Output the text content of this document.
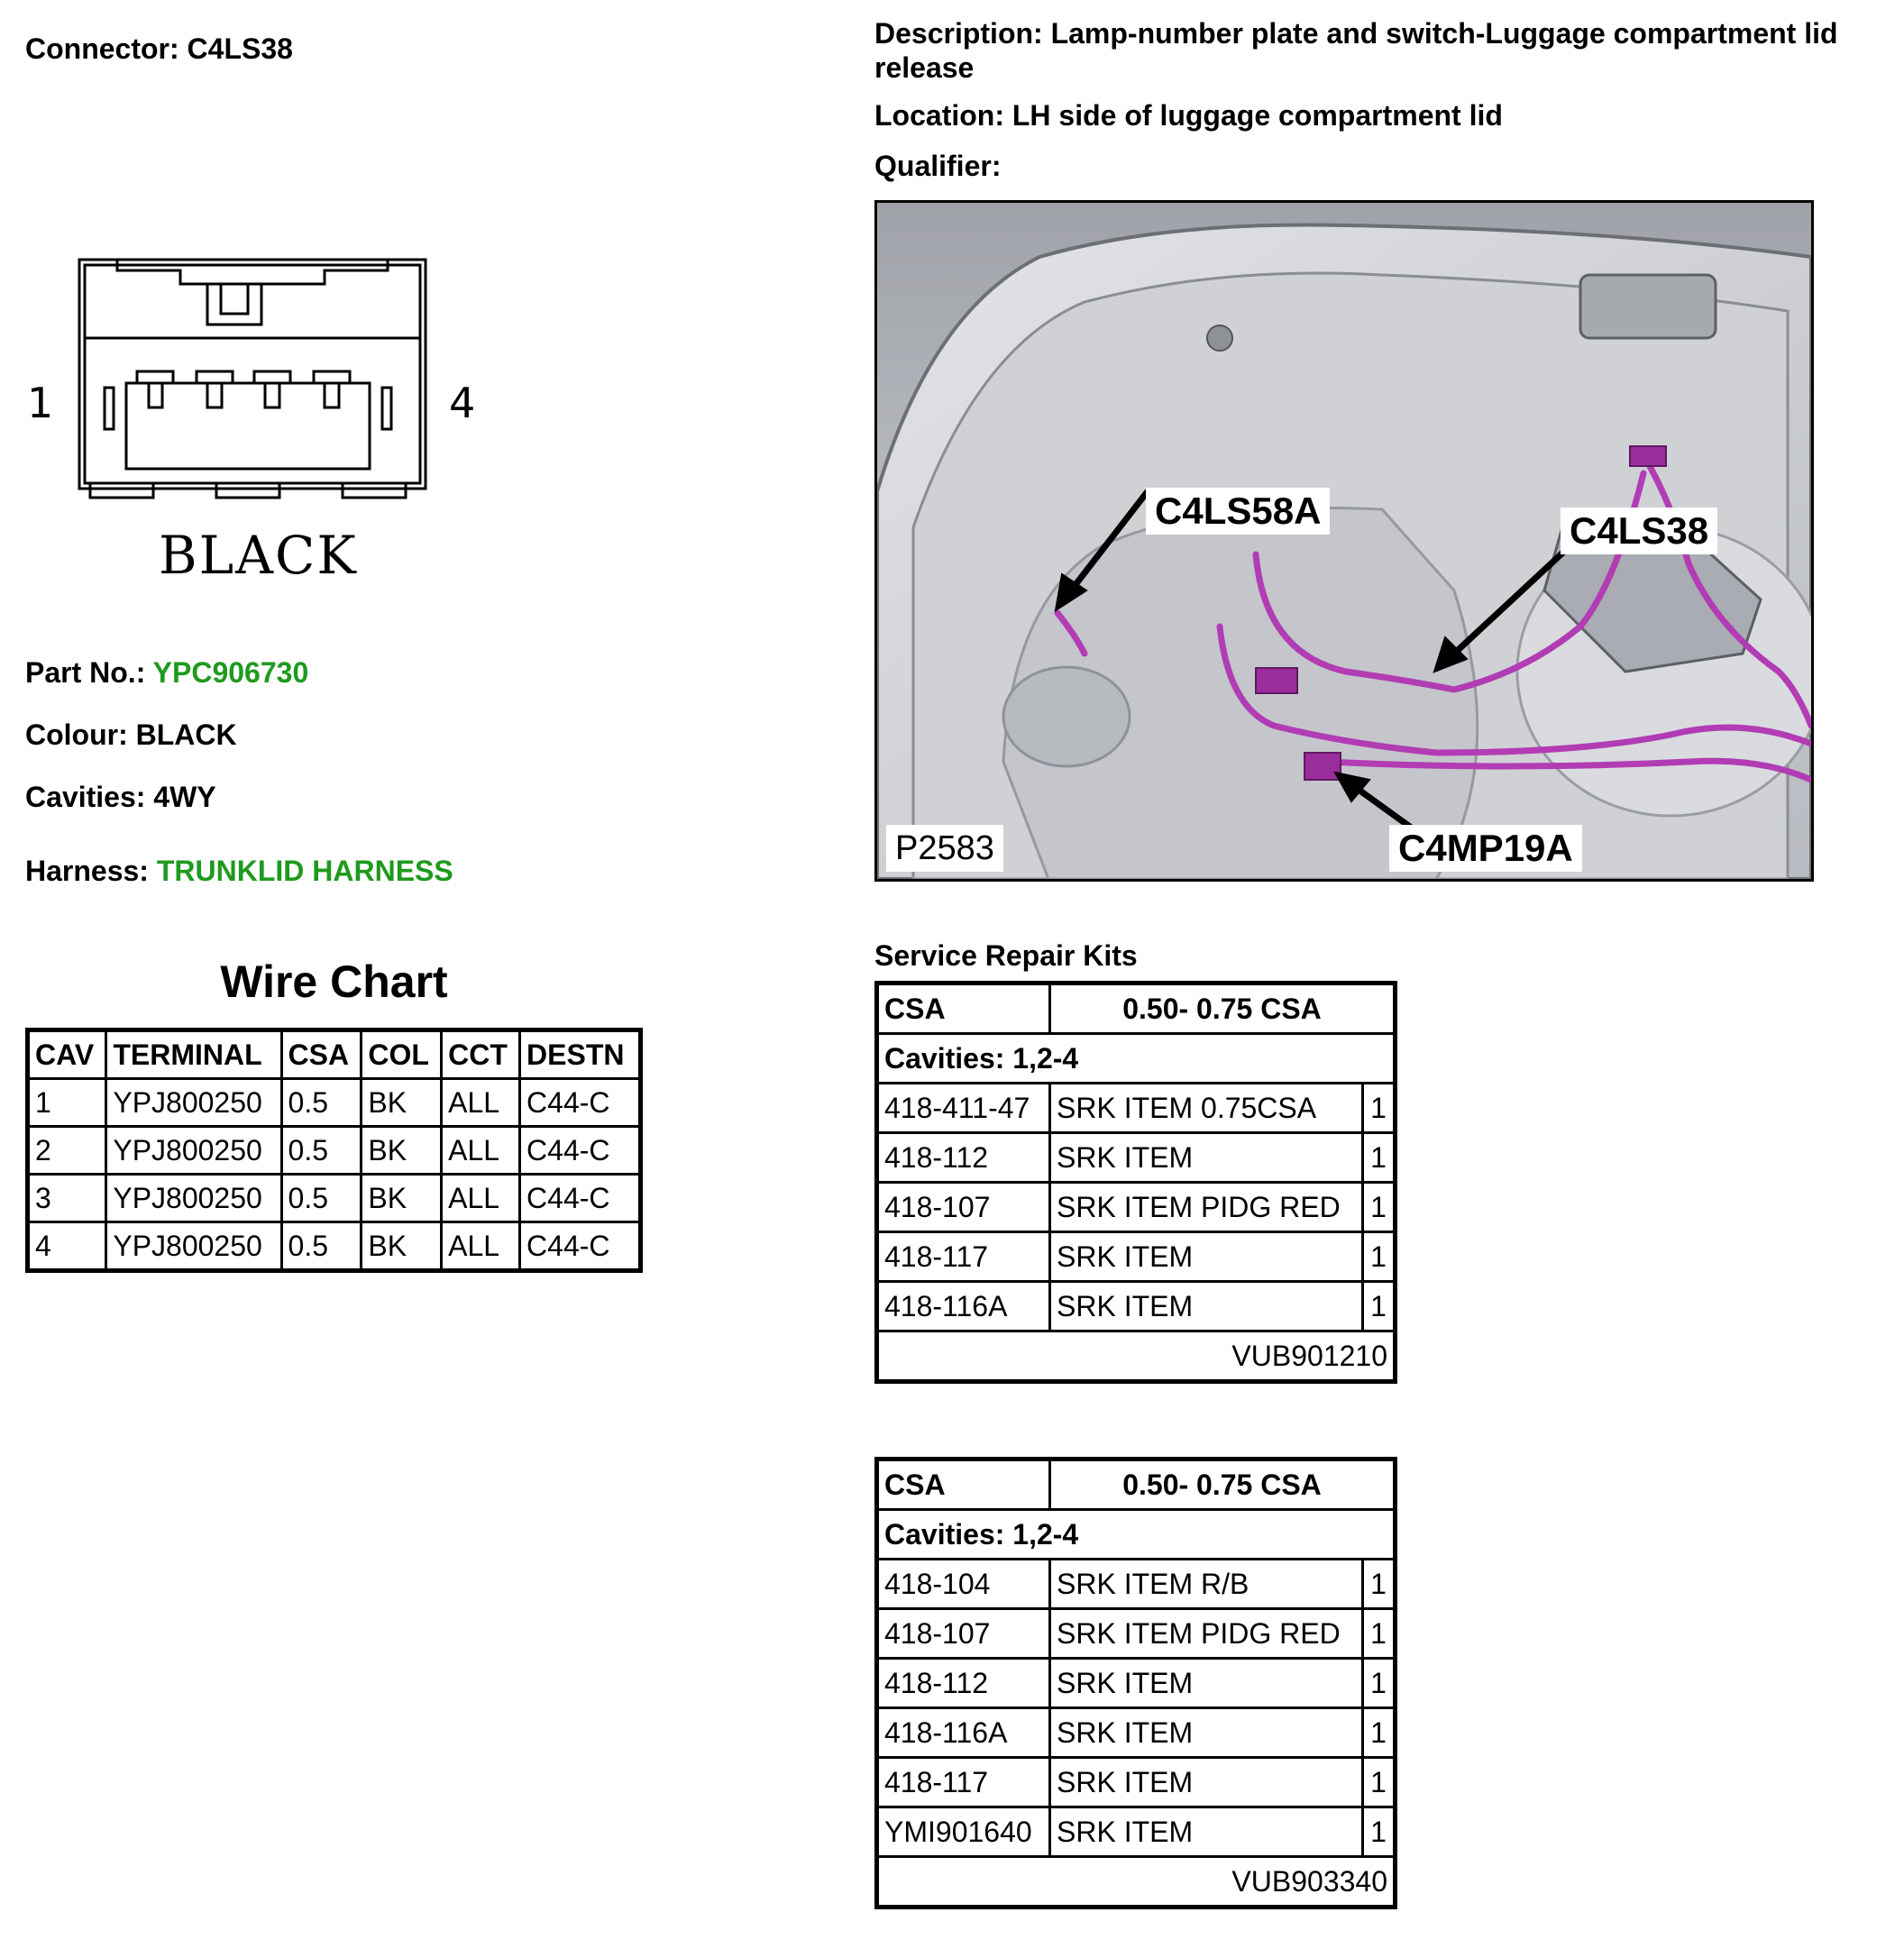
Connector: C4LS38
1	4
BLACK
Part No.: YPC906730
Colour: BLACK
Cavities: 4WY
Harness: TRUNKLID HARNESS
Wire Chart
CAV	TERMINAL	CSA	COL	CCT	DESTN
1	YPJ800250	0.5	BK	ALL	C44-C
2	YPJ800250	0.5	BK	ALL	C44-C
3	YPJ800250	0.5	BK	ALL	C44-C
4	YPJ800250	0.5	BK	ALL	C44-C
Description: Lamp-number plate and switch-Luggage compartment lid release
Location: LH side of luggage compartment lid
Qualifier:
C4LS58A	C4LS38
C4MP19A
P2583
Service Repair Kits
CSA	0.50- 0.75 CSA	
Cavities: 1,2-4		
418-411-47	SRK ITEM 0.75CSA	1
418-112	SRK ITEM	1
418-107	SRK ITEM PIDG RED	1
418-117	SRK ITEM	1
418-116A	SRK ITEM	1
VUB901210		
CSA	0.50- 0.75 CSA	
Cavities: 1,2-4		
418-104	SRK ITEM R/B	1
418-107	SRK ITEM PIDG RED	1
418-112	SRK ITEM	1
418-116A	SRK ITEM	1
418-117	SRK ITEM	1
YMI901640	SRK ITEM	1
VUB903340		
